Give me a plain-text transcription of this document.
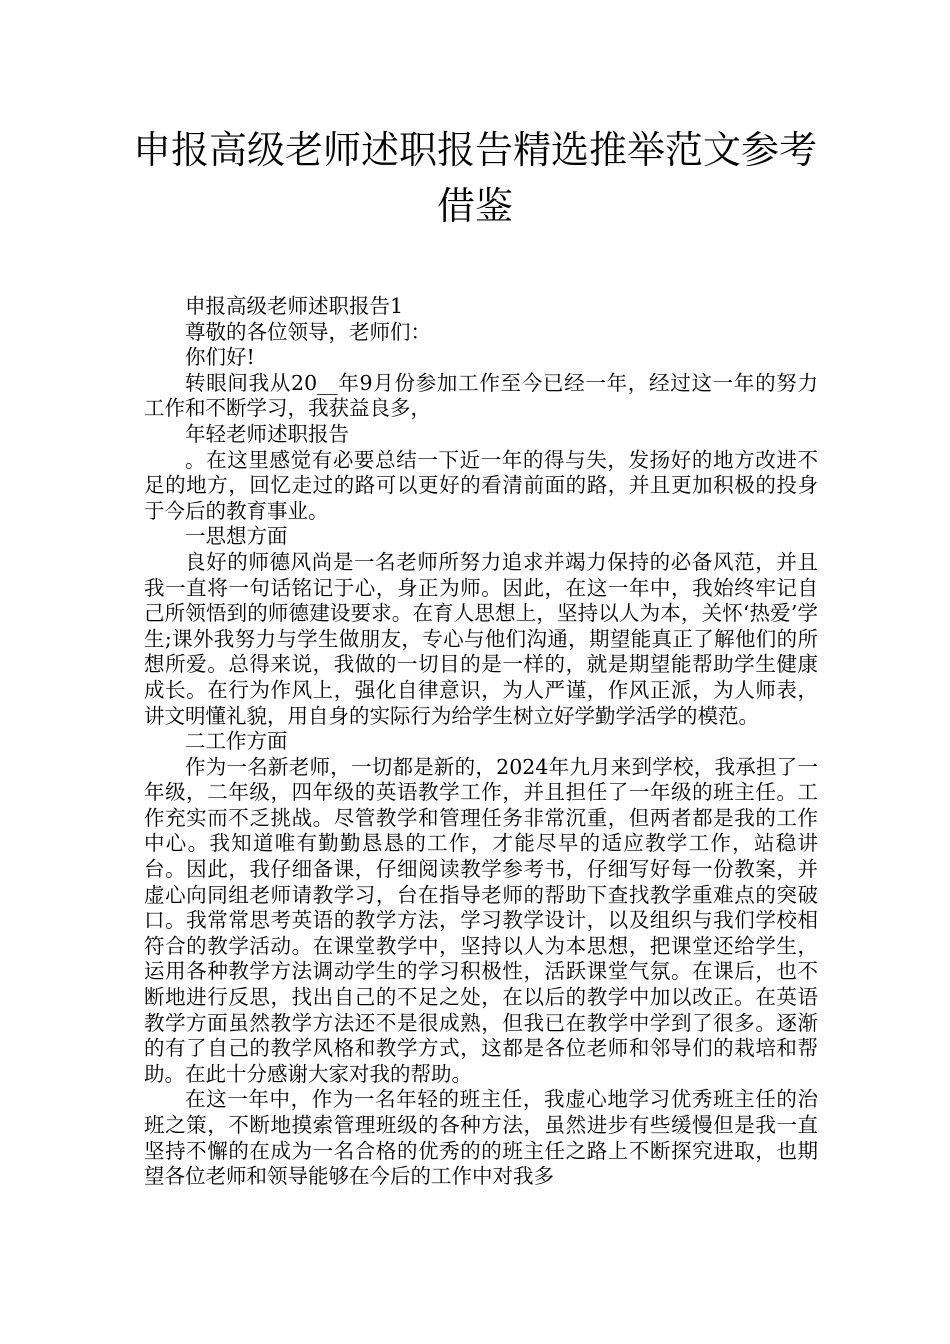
申报高级老师述职报告精选推举范文参考借鉴

申报高级老师述职报告1

尊敬的各位领导，老师们：

你们好!

转眼间我从20__年9月份参加工作至今已经一年，经过这一年的努力工作和不断学习，我获益良多，

年轻老师述职报告

。在这里感觉有必要总结一下近一年的得与失，发扬好的地方改进不足的地方，回忆走过的路可以更好的看清前面的路，并且更加积极的投身于今后的教育事业。

一思想方面

良好的师德风尚是一名老师所努力追求并竭力保持的必备风范，并且我一直将一句话铭记于心，身正为师。因此，在这一年中，我始终牢记自己所领悟到的师德建设要求。在育人思想上，坚持以人为本，关怀‘热爱’学生;课外我努力与学生做朋友，专心与他们沟通，期望能真正了解他们的所想所爱。总得来说，我做的一切目的是一样的，就是期望能帮助学生健康成长。在行为作风上，强化自律意识，为人严谨，作风正派，为人师表，讲文明懂礼貌，用自身的实际行为给学生树立好学勤学活学的模范。

二工作方面

作为一名新老师，一切都是新的，2024年九月来到学校，我承担了一年级，二年级，四年级的英语教学工作，并且担任了一年级的班主任。工作充实而不乏挑战。尽管教学和管理任务非常沉重，但两者都是我的工作中心。我知道唯有勤勤恳恳的工作，才能尽早的适应教学工作，站稳讲台。因此，我仔细备课，仔细阅读教学参考书，仔细写好每一份教案，并虚心向同组老师请教学习，台在指导老师的帮助下查找教学重难点的突破口。我常常思考英语的教学方法，学习教学设计，以及组织与我们学校相符合的教学活动。在课堂教学中，坚持以人为本思想，把课堂还给学生，运用各种教学方法调动学生的学习积极性，活跃课堂气氛。在课后，也不断地进行反思，找出自己的不足之处，在以后的教学中加以改正。在英语教学方面虽然教学方法还不是很成熟，但我已在教学中学到了很多。逐渐的有了自己的教学风格和教学方式，这都是各位老师和邻导们的栽培和帮助。在此十分感谢大家对我的帮助。

在这一年中，作为一名年轻的班主任，我虚心地学习优秀班主任的治班之策，不断地摸索管理班级的各种方法，虽然进步有些缓慢但是我一直坚持不懈的在成为一名合格的优秀的的班主任之路上不断探究进取，也期望各位老师和领导能够在今后的工作中对我多
